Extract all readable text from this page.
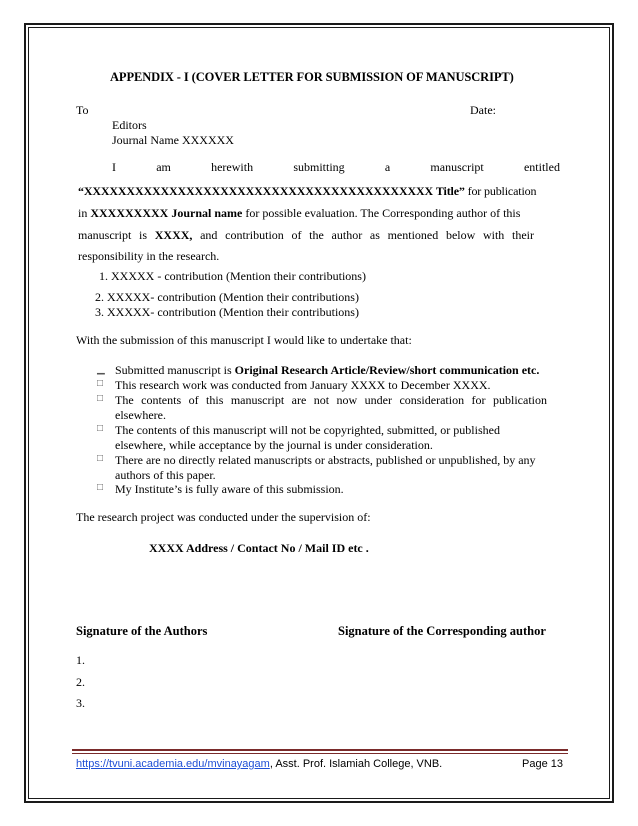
APPENDIX - I (COVER LETTER FOR SUBMISSION OF MANUSCRIPT)
To	Date:
Editors
Journal Name XXXXXX
I	am	herewith	submitting	a	manuscript	entitled
“XXXXXXXXXXXXXXXXXXXXXXXXXXXXXXXXXXXXXXXXX Title” for publication
in XXXXXXXXX Journal name for possible evaluation. The Corresponding author of this
manuscript is XXXX, and contribution of the author as mentioned below with their
responsibility in the research.
1. XXXXX - contribution (Mention their contributions)
2. XXXXX- contribution (Mention their contributions)
3. XXXXX- contribution (Mention their contributions)
With the submission of this manuscript I would like to undertake that:
▁ Submitted manuscript is Original Research Article/Review/short communication etc.
□ This research work was conducted from January XXXX to December XXXX.
□ The contents of this manuscript are not now under consideration for publication
elsewhere.
□ The contents of this manuscript will not be copyrighted, submitted, or published
elsewhere, while acceptance by the journal is under consideration.
□ There are no directly related manuscripts or abstracts, published or unpublished, by any
authors of this paper.
□ My Institute’s is fully aware of this submission.
The research project was conducted under the supervision of:
XXXX Address / Contact No / Mail ID etc .
Signature of the Authors	Signature of the Corresponding author
1.
2.
3.
https://tvuni.academia.edu/mvinayagam, Asst. Prof. Islamiah College, VNB.	Page 13
